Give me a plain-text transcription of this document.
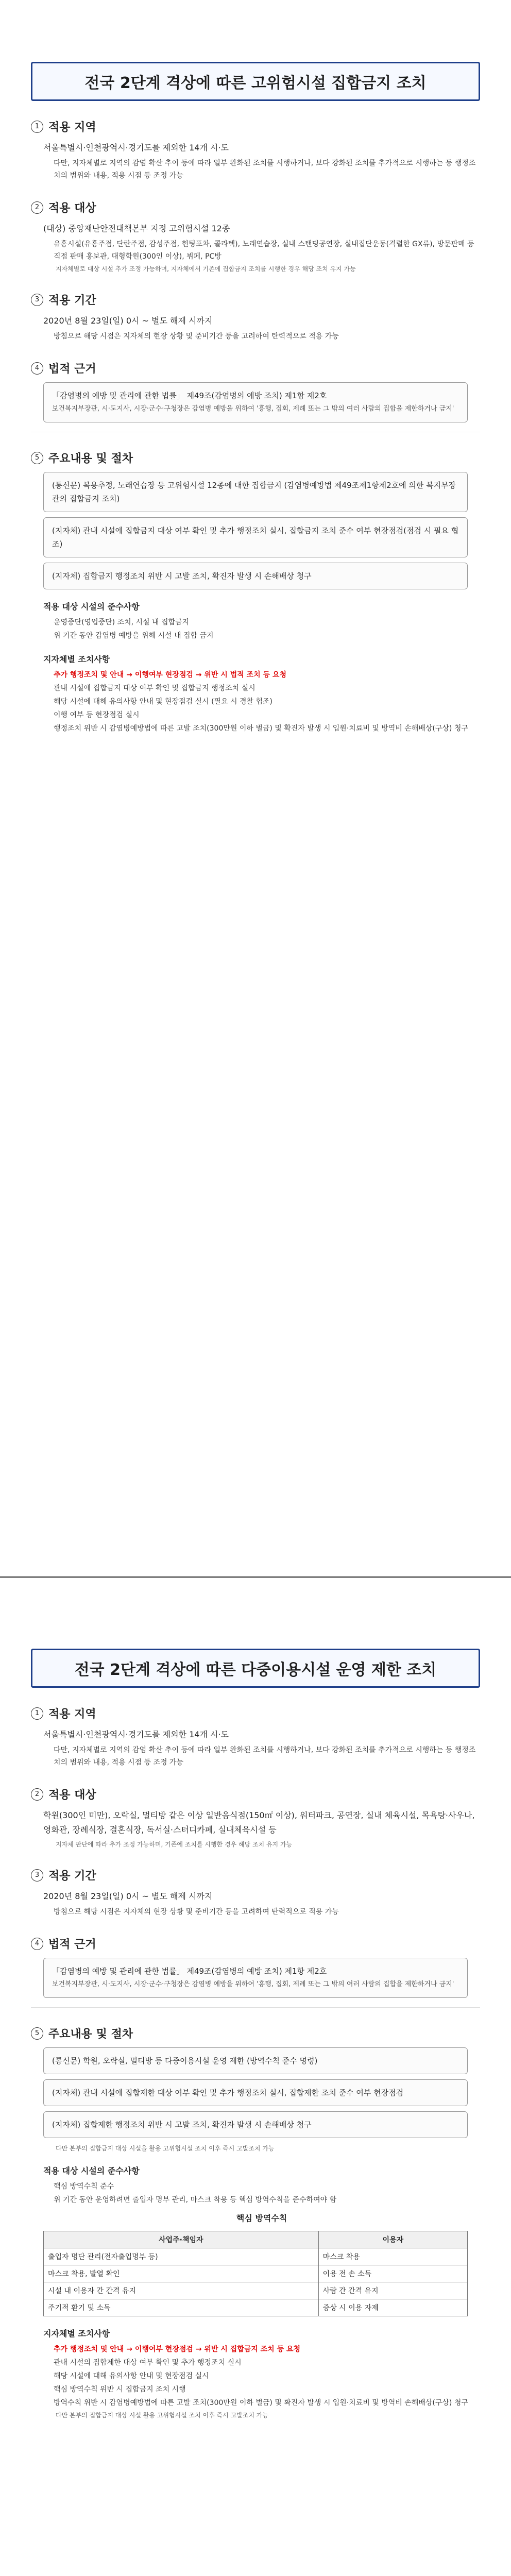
전국 2단계 격상에 따른 고위험시설 집합금지 조치
1 적용 지역
서울특별시·인천광역시·경기도를 제외한 14개 시·도
다만, 지자체별로 지역의 감염 확산 추이 등에 따라 일부 완화된 조치를 시행하거나, 보다 강화된 조치를 추가적으로 시행하는 등 행정조치의 범위와 내용, 적용 시점 등 조정 가능
2 적용 대상
(대상) 중앙재난안전대책본부 지정 고위험시설 12종
유흥시설(유흥주점, 단란주점, 감성주점, 헌팅포차, 콜라텍), 노래연습장, 실내 스탠딩공연장, 실내집단운동(격렬한 GX류), 방문판매 등 직접 판매 홍보관, 대형학원(300인 이상), 뷔페, PC방
지자체별로 대상 시설 추가 조정 가능하며, 지자체에서 기존에 집합금지 조치를 시행한 경우 해당 조치 유지 가능
3 적용 기간
2020년 8월 23일(일) 0시 ~ 별도 해제 시까지
방침으로 해당 시점은 지자체의 현장 상황 및 준비기간 등을 고려하여 탄력적으로 적용 가능
4 법적 근거
「감염병의 예방 및 관리에 관한 법률」 제49조(감염병의 예방 조치) 제1항 제2호
보건복지부장관, 시·도지사, 시장·군수·구청장은 감염병 예방을 위하여 '흥행, 집회, 제례 또는 그 밖의 여러 사람의 집합을 제한하거나 금지'
5 주요내용 및 절차
(통신문) 복용추정, 노래연습장 등 고위험시설 12종에 대한 집합금지 (감염병예방법 제49조제1항제2호에 의한 복지부장관의 집합금지 조치)
(지자체) 관내 시설에 집합금지 대상 여부 확인 및 추가 행정조치 실시, 집합금지 조치 준수 여부 현장점검(점검 시 필요 협조)
(지자체) 집합금지 행정조치 위반 시 고발 조치, 확진자 발생 시 손해배상 청구
적용 대상 시설의 준수사항
운영중단(영업중단) 조치, 시설 내 집합금지
위 기간 동안 감염병 예방을 위해 시설 내 집합 금지
지자체별 조치사항
추가 행정조치 및 안내 → 이행여부 현장점검 → 위반 시 법적 조치 등 요청
관내 시설에 집합금지 대상 여부 확인 및 집합금지 행정조치 실시
해당 시설에 대해 유의사항 안내 및 현장점검 실시 (필요 시 경찰 협조)
이행 여부 등 현장점검 실시
행정조치 위반 시 감염병예방법에 따른 고발 조치(300만원 이하 벌금) 및 확진자 발생 시 입원·치료비 및 방역비 손해배상(구상) 청구
전국 2단계 격상에 따른 다중이용시설 운영 제한 조치
1 적용 지역
서울특별시·인천광역시·경기도를 제외한 14개 시·도
다만, 지자체별로 지역의 감염 확산 추이 등에 따라 일부 완화된 조치를 시행하거나, 보다 강화된 조치를 추가적으로 시행하는 등 행정조치의 범위와 내용, 적용 시점 등 조정 가능
2 적용 대상
학원(300인 미만), 오락실, 멀티방 같은 이상 일반음식점(150㎡ 이상), 워터파크, 공연장, 실내 체육시설, 목욕탕·사우나, 영화관, 장례식장, 결혼식장, 독서실·스터디카페, 실내체육시설 등
지자체 판단에 따라 추가 조정 가능하며, 기존에 조치를 시행한 경우 해당 조치 유지 가능
3 적용 기간
2020년 8월 23일(일) 0시 ~ 별도 해제 시까지
방침으로 해당 시점은 지자체의 현장 상황 및 준비기간 등을 고려하여 탄력적으로 적용 가능
4 법적 근거
「감염병의 예방 및 관리에 관한 법률」 제49조(감염병의 예방 조치) 제1항 제2호
보건복지부장관, 시·도지사, 시장·군수·구청장은 감염병 예방을 위하여 '흥행, 집회, 제례 또는 그 밖의 여러 사람의 집합을 제한하거나 금지'
5 주요내용 및 절차
(통신문) 학원, 오락실, 멀티방 등 다중이용시설 운영 제한 (방역수칙 준수 명령)
(지자체) 관내 시설에 집합제한 대상 여부 확인 및 추가 행정조치 실시, 집합제한 조치 준수 여부 현장점검
(지자체) 집합제한 행정조치 위반 시 고발 조치, 확진자 발생 시 손해배상 청구
다만 본부의 집합금지 대상 시설을 활용 고위험시설 조치 이후 즉시 고발조치 가능
적용 대상 시설의 준수사항
핵심 방역수칙 준수
위 기간 동안 운영하려면 출입자 명부 관리, 마스크 착용 등 핵심 방역수칙을 준수하여야 함
핵심 방역수칙
사업주·책임자	이용자
출입자 명단 관리(전자출입명부 등)	마스크 착용
마스크 착용, 발열 확인	이용 전 손 소독
시설 내 이용자 간 간격 유지	사람 간 간격 유지
주기적 환기 및 소독	증상 시 이용 자제
지자체별 조치사항
추가 행정조치 및 안내 → 이행여부 현장점검 → 위반 시 집합금지 조치 등 요청
관내 시설의 집합제한 대상 여부 확인 및 추가 행정조치 실시
해당 시설에 대해 유의사항 안내 및 현장점검 실시
핵심 방역수칙 위반 시 집합금지 조치 시행
방역수칙 위반 시 감염병예방법에 따른 고발 조치(300만원 이하 벌금) 및 확진자 발생 시 입원·치료비 및 방역비 손해배상(구상) 청구
다만 본부의 집합금지 대상 시설 활용 고위험시설 조치 이후 즉시 고발조치 가능
